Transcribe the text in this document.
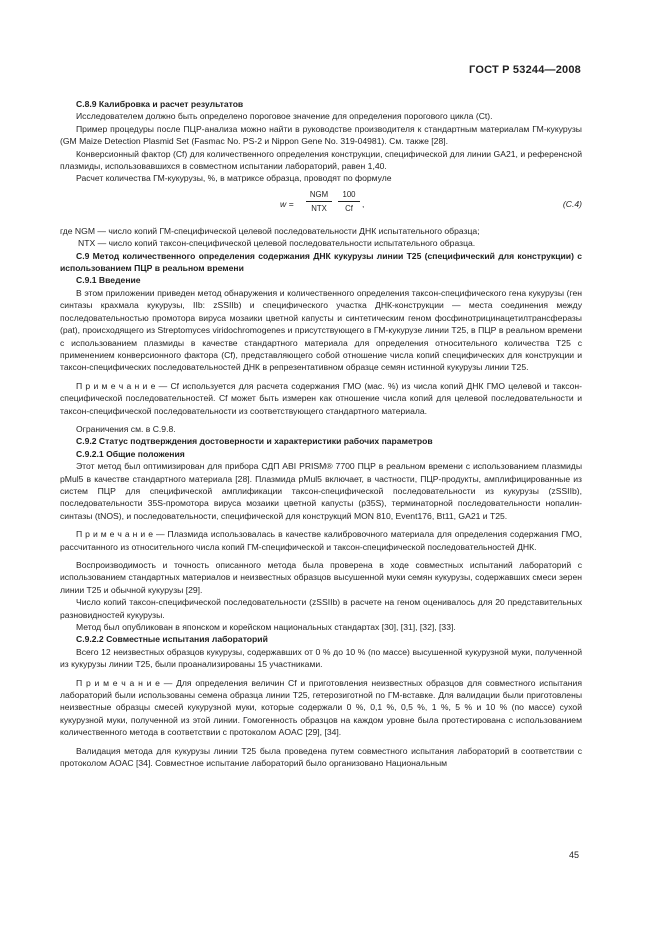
ГОСТ Р 53244—2008

C.8.9 Калибровка и расчет результатов

Исследователем должно быть определено пороговое значение для определения порогового цикла (Ct).

Пример процедуры после ПЦР-анализа можно найти в руководстве производителя к стандартным материалам ГМ-кукурузы (GM Maize Detection Plasmid Set (Fasmac No. PS-2 и Nippon Gene No. 319-04981). См. также [28].

Конверсионный фактор (Cf) для количественного определения конструкции, специфической для линии GA21, и референсной плазмиды, использовавшихся в совместном испытании лабораторий, равен 1,40.

Расчет количества ГМ-кукурузы, %, в матриксе образца, проводят по формуле

w =
NGM
NTX	$\frac{100}{Cf}$ ,	(C.4)

где NGM — число копий ГМ-специфической целевой последовательности ДНК испытательного образца;

NTX — число копий таксон-специфической целевой последовательности испытательного образца.

C.9 Метод количественного определения содержания ДНК кукурузы линии T25 (специфический для конструкции) с использованием ПЦР в реальном времени

C.9.1 Введение

В этом приложении приведен метод обнаружения и количественного определения таксон-специфического гена кукурузы (ген синтазы крахмала кукурузы, IIb: zSSIIb) и специфического участка ДНК-конструкции — места соединения между последовательностью промотора вируса мозаики цветной капусты и синтетическим геном фосфинотрицинацетилтрансферазы (pat), происходящего из Streptomyces viridochromogenes и присутствующего в ГМ-кукурузе линии T25, в ПЦР в реальном времени с использованием плазмиды в качестве стандартного материала для определения относительного количества T25 с применением конверсионного фактора (Cf), представляющего собой отношение числа копий специфических для конструкции и таксон-специфических последовательностей ДНК в репрезентативном образце семян истинной кукурузы линии T25.

П р и м е ч а н и е — Cf используется для расчета содержания ГМО (мас. %) из числа копий ДНК ГМО целевой и таксон-специфической последовательностей. Cf может быть измерен как отношение числа копий для целевой последовательности и таксон-специфической последовательности из соответствующего стандартного материала.

Ограничения см. в C.9.8.

C.9.2 Статус подтверждения достоверности и характеристики рабочих параметров

C.9.2.1 Общие положения

Этот метод был оптимизирован для прибора СДП ABI PRISM® 7700 ПЦР в реальном времени с использованием плазмиды pMul5 в качестве стандартного материала [28]. Плазмида pMul5 включает, в частности, ПЦР-продукты, амплифицированные из систем ПЦР для специфической амплификации таксон-специфической последовательности из кукурузы (zSSIIb), последовательности 35S-промотора вируса мозаики цветной капусты (p35S), терминаторной последовательности нопалин-синтазы (tNOS), и последовательности, специфической для конструкций MON 810, Event176, Bt11, GA21 и T25.

П р и м е ч а н и е — Плазмида использовалась в качестве калибровочного материала для определения содержания ГМО, рассчитанного из относительного числа копий ГМ-специфической и таксон-специфической последовательностей ДНК.

Воспроизводимость и точность описанного метода была проверена в ходе совместных испытаний лабораторий с использованием стандартных материалов и неизвестных образцов высушенной муки семян кукурузы, содержавших смеси зерен линии T25 и обычной кукурузы [29].

Число копий таксон-специфической последовательности (zSSIIb) в расчете на геном оценивалось для 20 представительных разновидностей кукурузы.

Метод был опубликован в японском и корейском национальных стандартах [30], [31], [32], [33].

C.9.2.2 Совместные испытания лабораторий

Всего 12 неизвестных образцов кукурузы, содержавших от 0 % до 10 % (по массе) высушенной кукурузной муки, полученной из кукурузы линии T25, были проанализированы 15 участниками.

П р и м е ч а н и е — Для определения величин Cf и приготовления неизвестных образцов для совместного испытания лабораторий были использованы семена образца линии T25, гетерозиготной по ГМ-вставке. Для валидации были приготовлены неизвестные образцы смесей кукурузной муки, которые содержали 0 %, 0,1 %, 0,5 %, 1 %, 5 % и 10 % (по массе) сухой кукурузной муки, полученной из этой линии. Гомогенность образцов на каждом уровне была протестирована с использованием количественного метода в соответствии с протоколом AOAC [29], [34].

Валидация метода для кукурузы линии T25 была проведена путем совместного испытания лабораторий в соответствии с протоколом AOAC [34]. Совместное испытание лабораторий было организовано Национальным

45
